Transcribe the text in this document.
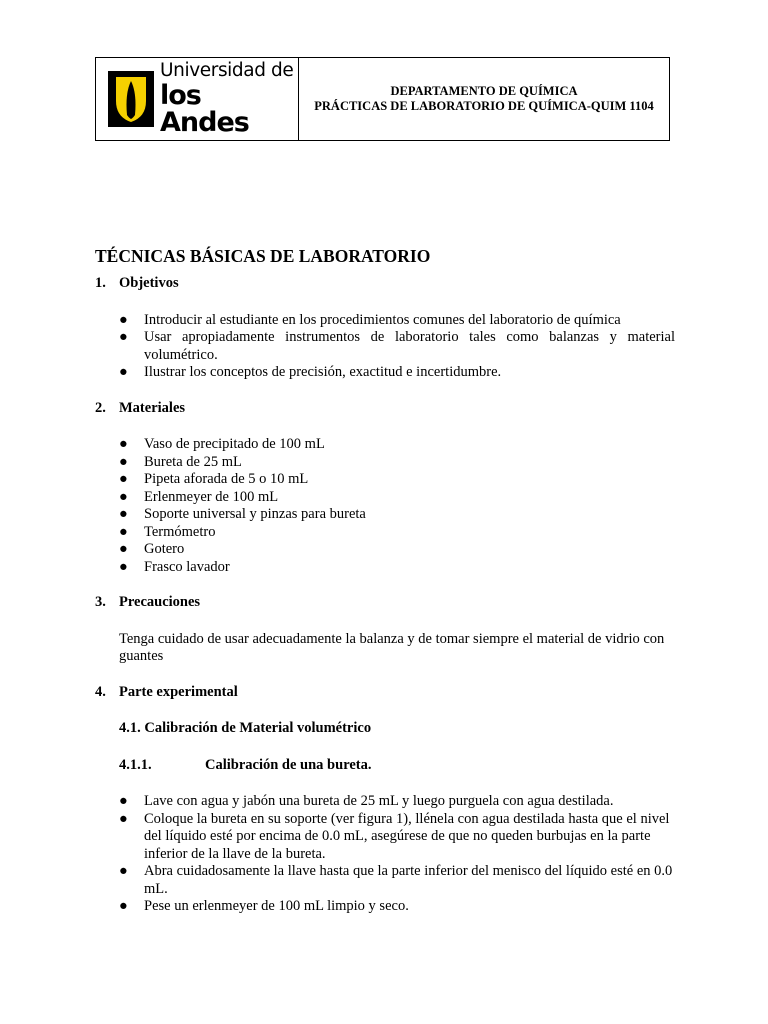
Universidad de
los Andes
DEPARTAMENTO DE QUÍMICA
PRÁCTICAS DE LABORATORIO DE QUÍMICA-QUIM 1104
TÉCNICAS BÁSICAS DE LABORATORIO
1. Objetivos
●	Introducir al estudiante en los procedimientos comunes del laboratorio de química
●	Usar apropiadamente instrumentos de laboratorio tales como balanzas y material volumétrico.
●	Ilustrar los conceptos de precisión, exactitud e incertidumbre.
2. Materiales
●	Vaso de precipitado de 100 mL
●	Bureta de 25 mL
●	Pipeta aforada de 5 o 10 mL
●	Erlenmeyer de 100 mL
●	Soporte universal y pinzas para bureta
●	Termómetro
●	Gotero
●	Frasco lavador
3. Precauciones

Tenga cuidado de usar adecuadamente la balanza y de tomar siempre el material de vidrio con guantes

4. Parte experimental
4.1. Calibración de Material volumétrico
4.1.1.	Calibración de una bureta.
●	Lave con agua y jabón una bureta de 25 mL y luego purguela con agua destilada.
●	Coloque la bureta en su soporte (ver figura 1), llénela con agua destilada hasta que el nivel del líquido esté por encima de 0.0 mL, asegúrese de que no queden burbujas en la parte inferior de la llave de la bureta.
●	Abra cuidadosamente la llave hasta que la parte inferior del menisco del líquido esté en 0.0 mL.
●	Pese un erlenmeyer de 100 mL limpio y seco.
